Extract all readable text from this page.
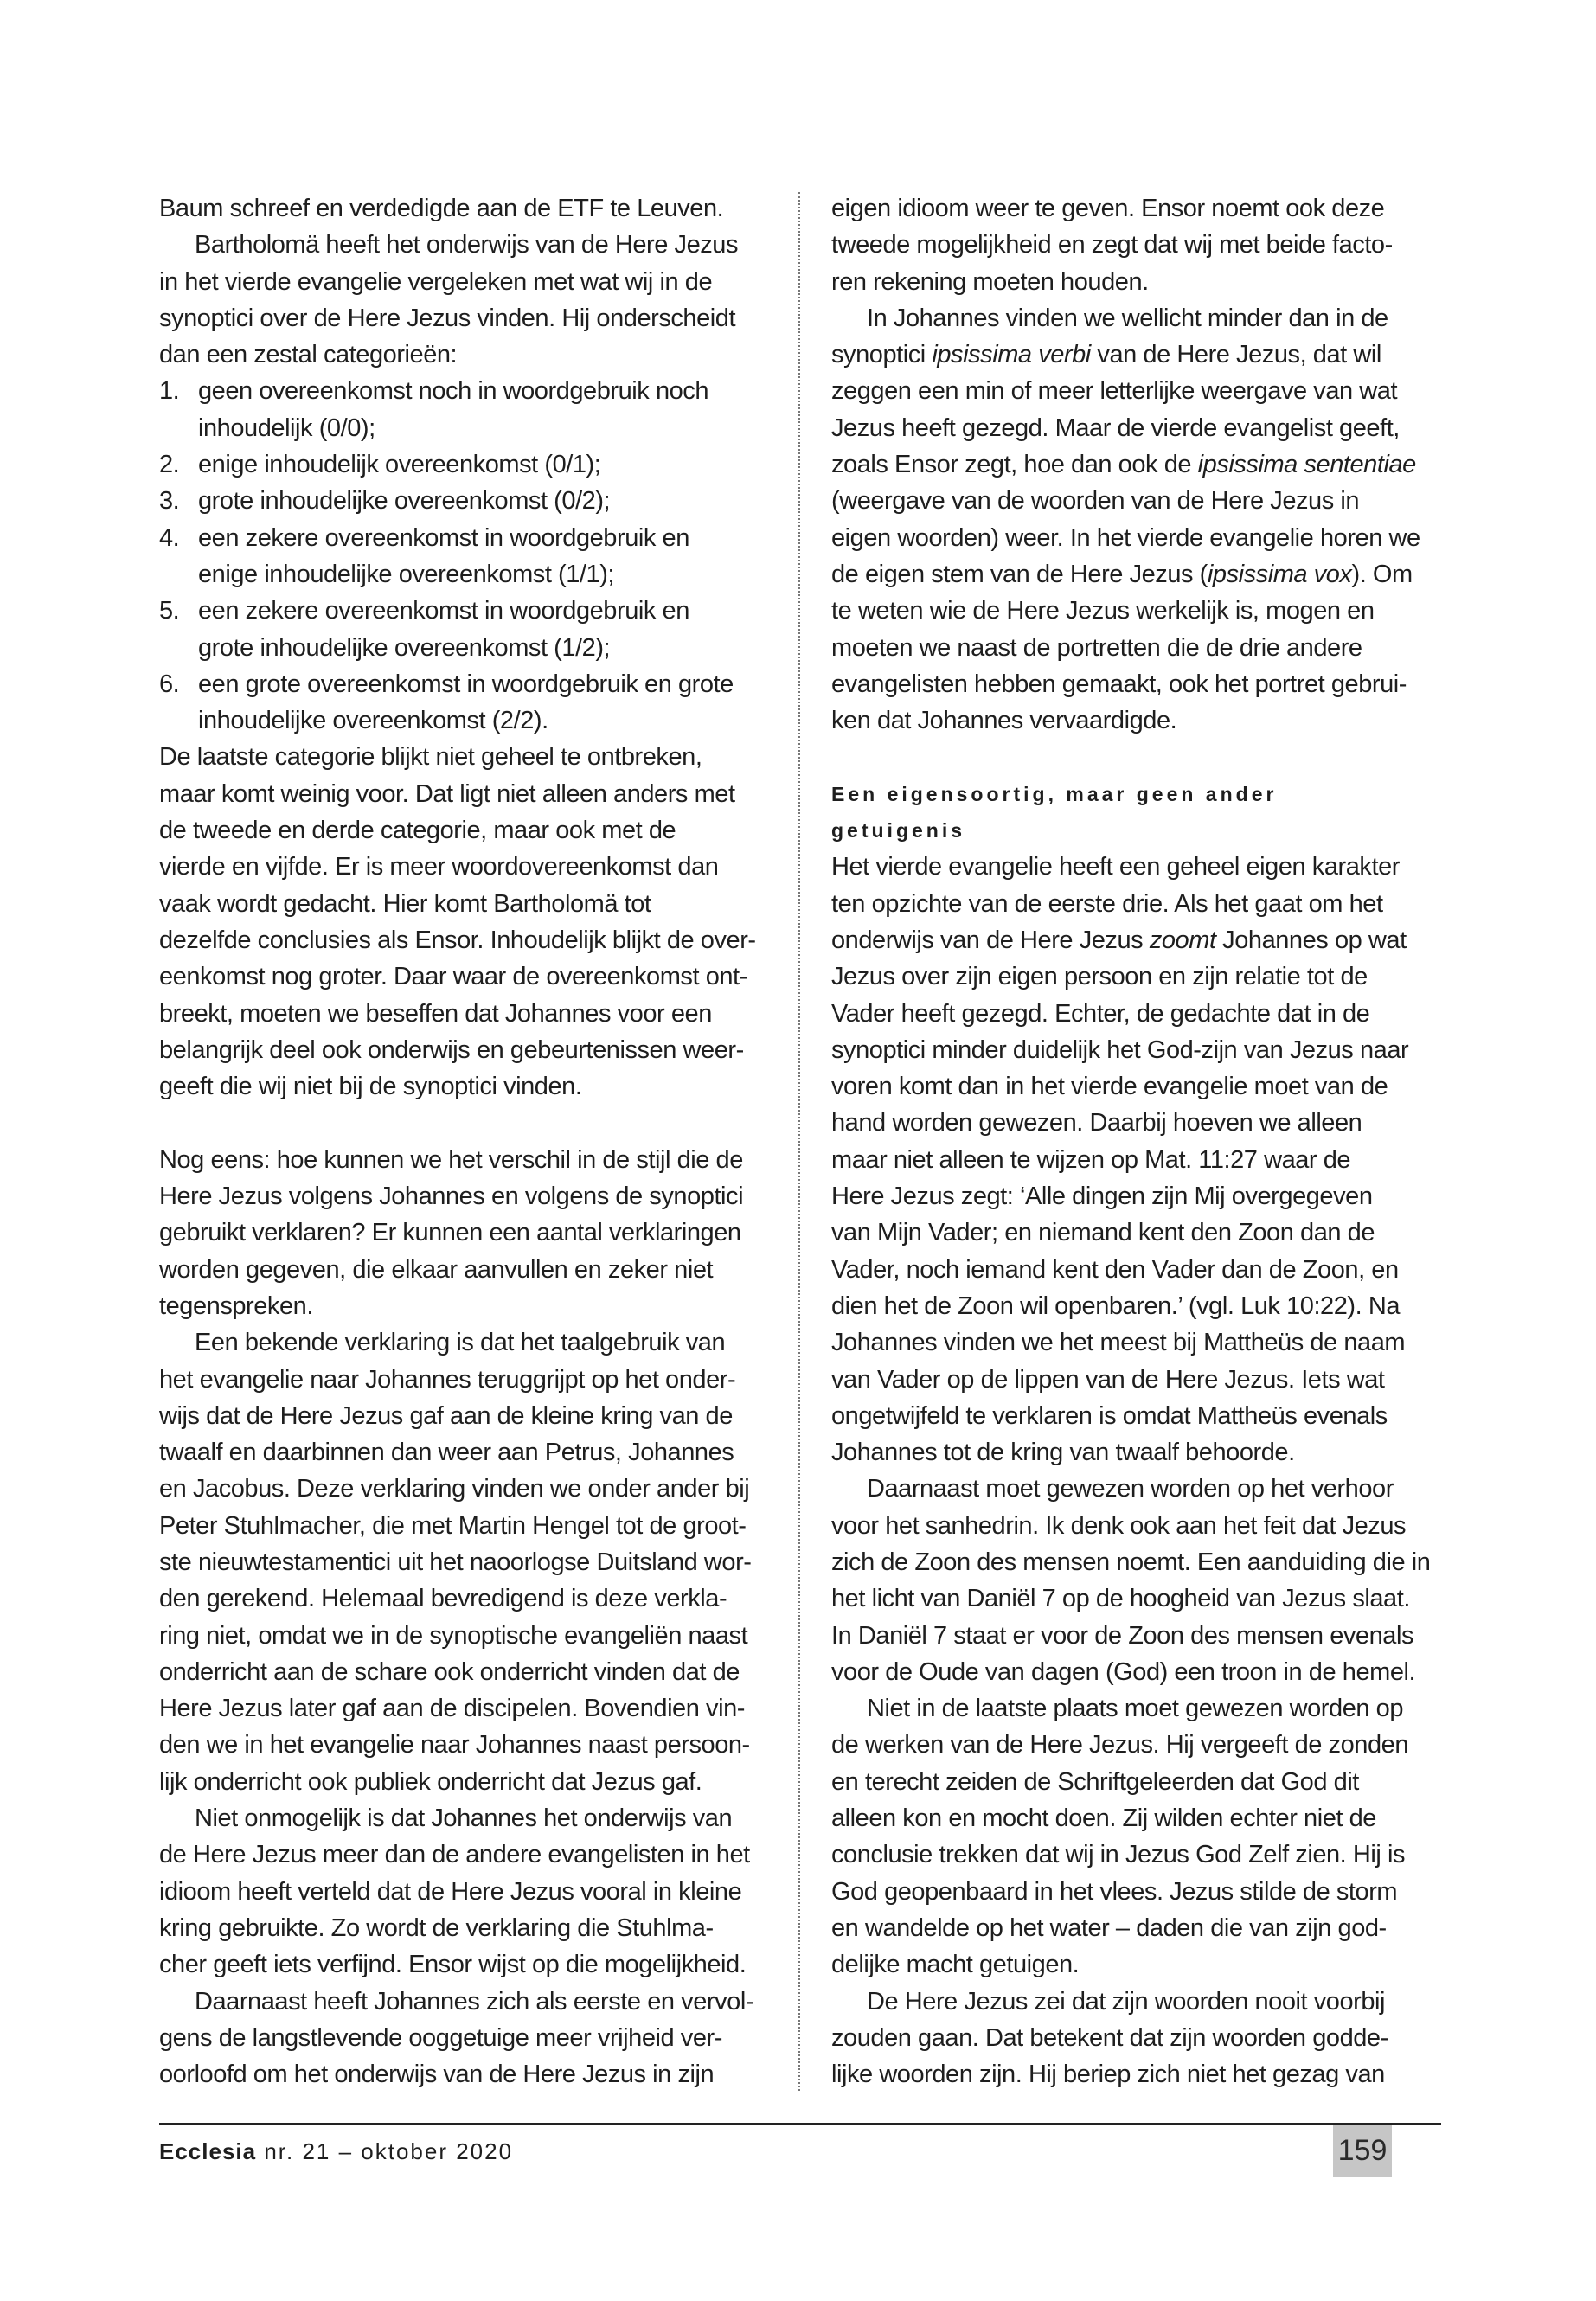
Baum schreef en verdedigde aan de ETF te Leuven.
Bartholomä heeft het onderwijs van de Here Jezus
in het vierde evangelie vergeleken met wat wij in de
synoptici over de Here Jezus vinden. Hij onderscheidt
dan een zestal categorieën:
1. geen overeenkomst noch in woordgebruik noch
inhoudelijk (0/0);
2. enige inhoudelijk overeenkomst (0/1);
3. grote inhoudelijke overeenkomst (0/2);
4. een zekere overeenkomst in woordgebruik en
enige inhoudelijke overeenkomst (1/1);
5. een zekere overeenkomst in woordgebruik en
grote inhoudelijke overeenkomst (1/2);
6. een grote overeenkomst in woordgebruik en grote
inhoudelijke overeenkomst (2/2).
De laatste categorie blijkt niet geheel te ontbreken,
maar komt weinig voor. Dat ligt niet alleen anders met
de tweede en derde categorie, maar ook met de
vierde en vijfde. Er is meer woordovereenkomst dan
vaak wordt gedacht. Hier komt Bartholomä tot
dezelfde conclusies als Ensor. Inhoudelijk blijkt de over-
eenkomst nog groter. Daar waar de overeenkomst ont-
breekt, moeten we beseffen dat Johannes voor een
belangrijk deel ook onderwijs en gebeurtenissen weer-
geeft die wij niet bij de synoptici vinden.
Nog eens: hoe kunnen we het verschil in de stijl die de
Here Jezus volgens Johannes en volgens de synoptici
gebruikt verklaren? Er kunnen een aantal verklaringen
worden gegeven, die elkaar aanvullen en zeker niet
tegenspreken.
Een bekende verklaring is dat het taalgebruik van
het evangelie naar Johannes teruggrijpt op het onder-
wijs dat de Here Jezus gaf aan de kleine kring van de
twaalf en daarbinnen dan weer aan Petrus, Johannes
en Jacobus. Deze verklaring vinden we onder ander bij
Peter Stuhlmacher, die met Martin Hengel tot de groot-
ste nieuwtestamentici uit het naoorlogse Duitsland wor-
den gerekend. Helemaal bevredigend is deze verkla-
ring niet, omdat we in de synoptische evangeliën naast
onderricht aan de schare ook onderricht vinden dat de
Here Jezus later gaf aan de discipelen. Bovendien vin-
den we in het evangelie naar Johannes naast persoon-
lijk onderricht ook publiek onderricht dat Jezus gaf.
Niet onmogelijk is dat Johannes het onderwijs van
de Here Jezus meer dan de andere evangelisten in het
idioom heeft verteld dat de Here Jezus vooral in kleine
kring gebruikte. Zo wordt de verklaring die Stuhlma-
cher geeft iets verfijnd. Ensor wijst op die mogelijkheid.
Daarnaast heeft Johannes zich als eerste en vervol-
gens de langstlevende ooggetuige meer vrijheid ver-
oorloofd om het onderwijs van de Here Jezus in zijn
eigen idioom weer te geven. Ensor noemt ook deze
tweede mogelijkheid en zegt dat wij met beide facto-
ren rekening moeten houden.
In Johannes vinden we wellicht minder dan in de
synoptici ipsissima verbi van de Here Jezus, dat wil
zeggen een min of meer letterlijke weergave van wat
Jezus heeft gezegd. Maar de vierde evangelist geeft,
zoals Ensor zegt, hoe dan ook de ipsissima sententiae
(weergave van de woorden van de Here Jezus in
eigen woorden) weer. In het vierde evangelie horen we
de eigen stem van de Here Jezus (ipsissima vox). Om
te weten wie de Here Jezus werkelijk is, mogen en
moeten we naast de portretten die de drie andere
evangelisten hebben gemaakt, ook het portret gebrui-
ken dat Johannes vervaardigde.
Een eigensoortig, maar geen ander
getuigenis
Het vierde evangelie heeft een geheel eigen karakter
ten opzichte van de eerste drie. Als het gaat om het
onderwijs van de Here Jezus zoomt Johannes op wat
Jezus over zijn eigen persoon en zijn relatie tot de
Vader heeft gezegd. Echter, de gedachte dat in de
synoptici minder duidelijk het God-zijn van Jezus naar
voren komt dan in het vierde evangelie moet van de
hand worden gewezen. Daarbij hoeven we alleen
maar niet alleen te wijzen op Mat. 11:27 waar de
Here Jezus zegt: ‘Alle dingen zijn Mij overgegeven
van Mijn Vader; en niemand kent den Zoon dan de
Vader, noch iemand kent den Vader dan de Zoon, en
dien het de Zoon wil openbaren.’ (vgl. Luk 10:22). Na
Johannes vinden we het meest bij Mattheüs de naam
van Vader op de lippen van de Here Jezus. Iets wat
ongetwijfeld te verklaren is omdat Mattheüs evenals
Johannes tot de kring van twaalf behoorde.
Daarnaast moet gewezen worden op het verhoor
voor het sanhedrin. Ik denk ook aan het feit dat Jezus
zich de Zoon des mensen noemt. Een aanduiding die in
het licht van Daniël 7 op de hoogheid van Jezus slaat.
In Daniël 7 staat er voor de Zoon des mensen evenals
voor de Oude van dagen (God) een troon in de hemel.
Niet in de laatste plaats moet gewezen worden op
de werken van de Here Jezus. Hij vergeeft de zonden
en terecht zeiden de Schriftgeleerden dat God dit
alleen kon en mocht doen. Zij wilden echter niet de
conclusie trekken dat wij in Jezus God Zelf zien. Hij is
God geopenbaard in het vlees. Jezus stilde de storm
en wandelde op het water – daden die van zijn god-
delijke macht getuigen.
De Here Jezus zei dat zijn woorden nooit voorbij
zouden gaan. Dat betekent dat zijn woorden godde-
lijke woorden zijn. Hij beriep zich niet het gezag van
Ecclesia nr. 21 – oktober 2020	159
